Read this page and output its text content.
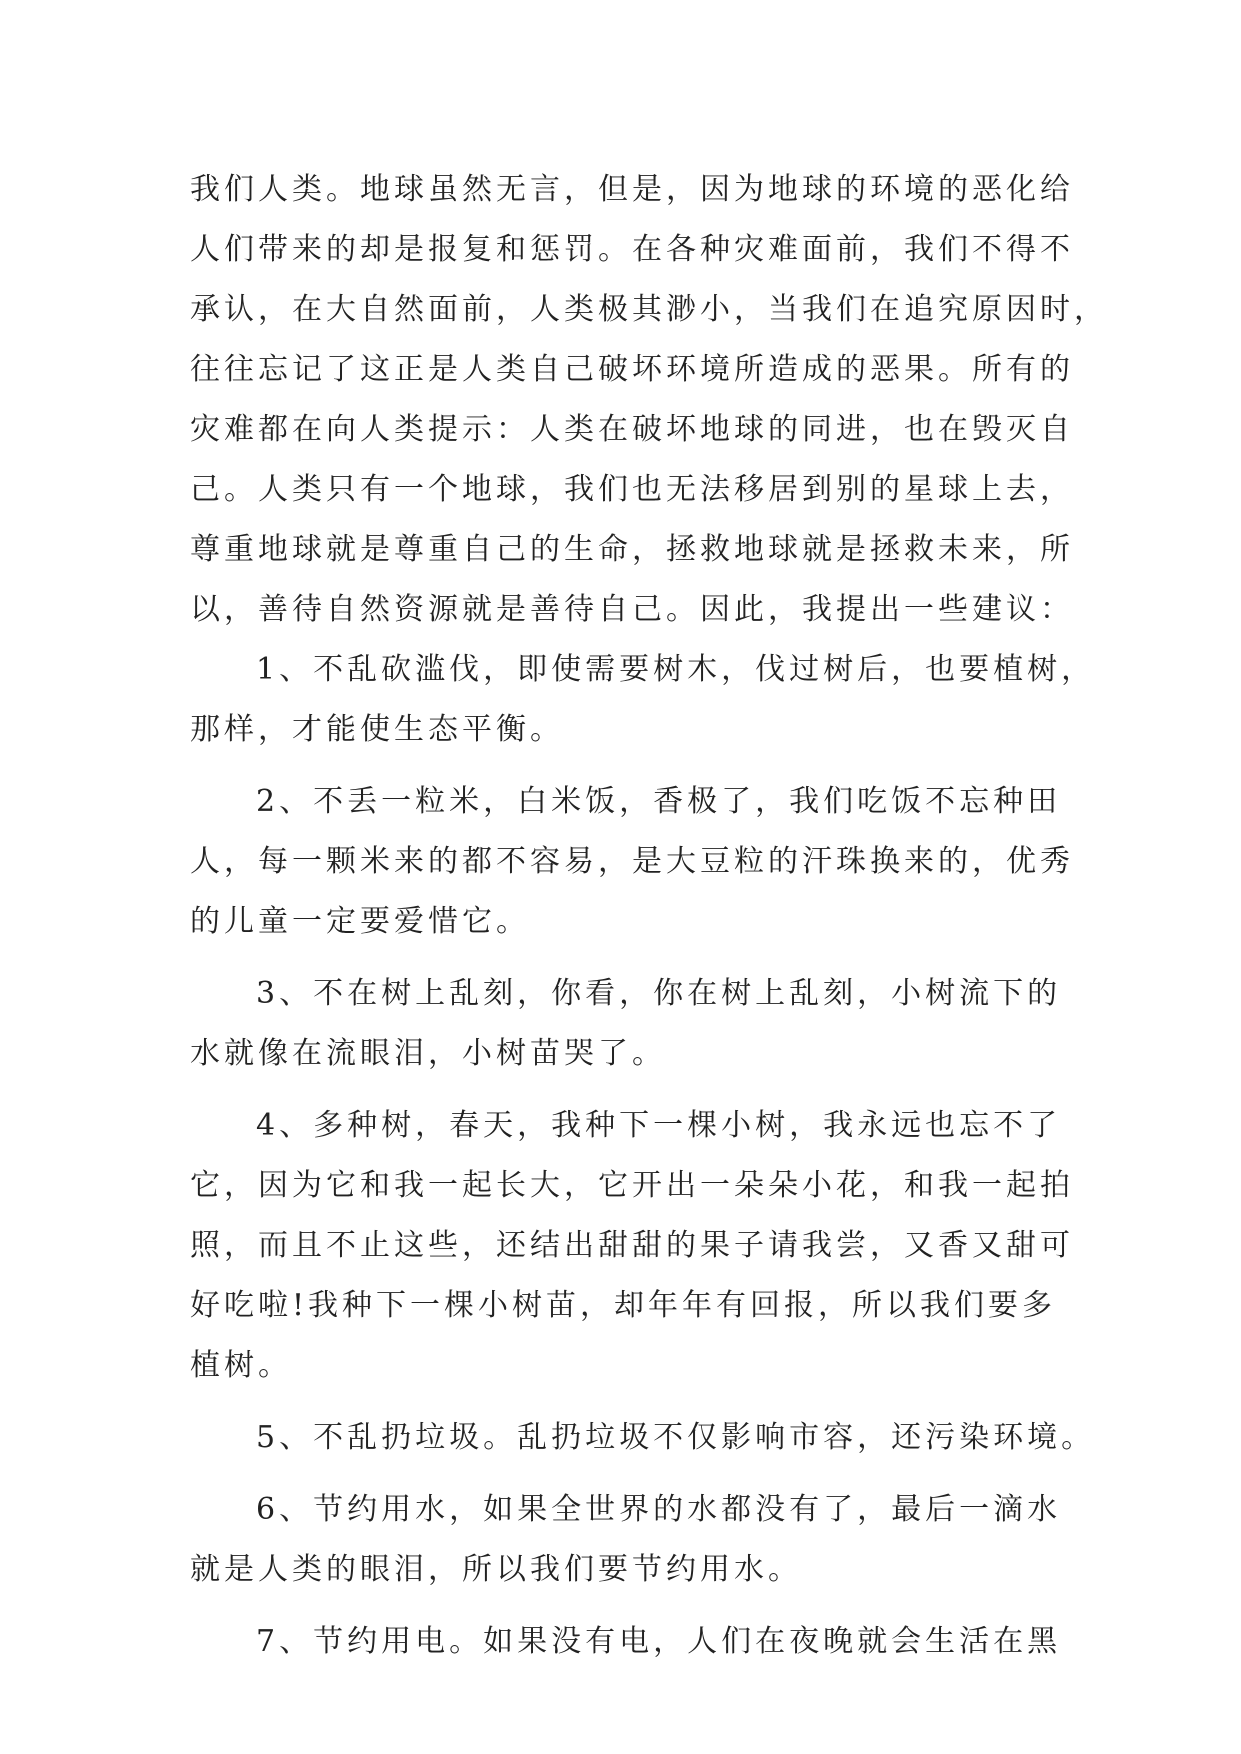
我们人类。地球虽然无言，但是，因为地球的环境的恶化给
人们带来的却是报复和惩罚。在各种灾难面前，我们不得不
承认，在大自然面前，人类极其渺小，当我们在追究原因时，
往往忘记了这正是人类自己破坏环境所造成的恶果。所有的
灾难都在向人类提示：人类在破坏地球的同进，也在毁灭自
己。人类只有一个地球，我们也无法移居到别的星球上去，
尊重地球就是尊重自己的生命，拯救地球就是拯救未来，所
以，善待自然资源就是善待自己。因此，我提出一些建议：
1、不乱砍滥伐，即使需要树木，伐过树后，也要植树，
那样，才能使生态平衡。
2、不丢一粒米，白米饭，香极了，我们吃饭不忘种田
人，每一颗米来的都不容易，是大豆粒的汗珠换来的，优秀
的儿童一定要爱惜它。
3、不在树上乱刻，你看，你在树上乱刻，小树流下的
水就像在流眼泪，小树苗哭了。
4、多种树，春天，我种下一棵小树，我永远也忘不了
它，因为它和我一起长大，它开出一朵朵小花，和我一起拍
照，而且不止这些，还结出甜甜的果子请我尝，又香又甜可
好吃啦!我种下一棵小树苗，却年年有回报，所以我们要多
植树。
5、不乱扔垃圾。乱扔垃圾不仅影响市容，还污染环境。
6、节约用水，如果全世界的水都没有了，最后一滴水
就是人类的眼泪，所以我们要节约用水。
7、节约用电。如果没有电，人们在夜晚就会生活在黑
